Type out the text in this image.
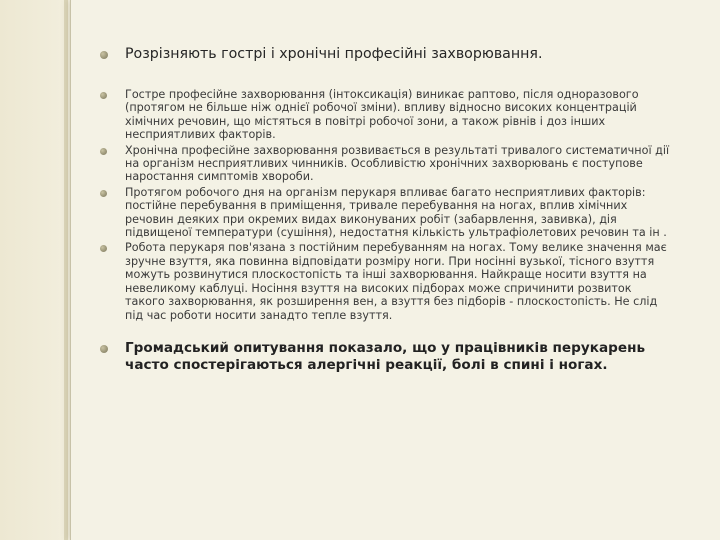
Розрізняють гострі і хронічні професійні захворювання.
Гостре професійне захворювання (інтоксикація) виникає раптово, після одноразового (протягом не більше ніж однієї робочої зміни). впливу відносно високих концентрацій хімічних речовин, що містяться в повітрі робочої зони, а також рівнів і доз інших несприятливих факторів.
Хронічна професійне захворювання розвивається в результаті тривалого систематичної дії на організм несприятливих чинників. Особливістю хронічних захворювань є поступове наростання симптомів хвороби.
Протягом робочого дня на організм перукаря впливає багато несприятливих факторів: постійне перебування в приміщення, тривале перебування на ногах, вплив хімічних речовин деяких при окремих видах виконуваних робіт (забарвлення, завивка), дія підвищеної температури (сушіння), недостатня кількість ультрафіолетових речовин та ін .
Робота перукаря пов'язана з постійним перебуванням на ногах. Тому велике значення має зручне взуття, яка повинна відповідати розміру ноги. При носінні вузької, тісного взуття можуть розвинутися плоскостопість та інші захворювання. Найкраще носити взуття на невеликому каблуці. Носіння взуття на високих підборах може спричинити розвиток такого захворювання, як розширення вен, а взуття без підборів - плоскостопість. Не слід під час роботи носити занадто тепле взуття.
Громадський опитування показало, що у працівників перукарень часто спостерігаються алергічні реакції, болі в спині і ногах.
